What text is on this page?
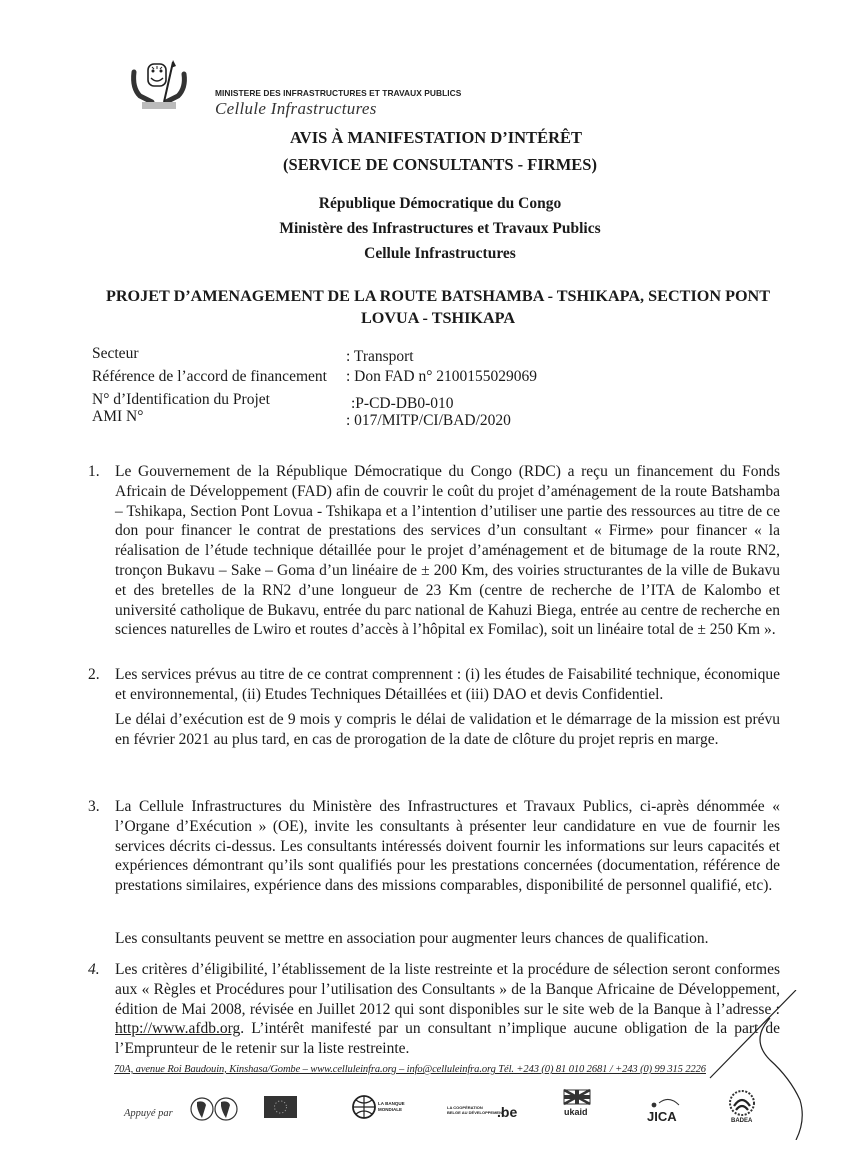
MINISTERE DES INFRASTRUCTURES ET TRAVAUX PUBLICS
Cellule Infrastructures
AVIS À MANIFESTATION D’INTÉRÊT
(SERVICE DE CONSULTANTS - FIRMES)
République Démocratique du Congo
Ministère des Infrastructures et Travaux Publics
Cellule Infrastructures
PROJET D’AMENAGEMENT DE LA ROUTE BATSHAMBA - TSHIKAPA, SECTION PONT LOVUA - TSHIKAPA
Secteur	: Transport
Référence de l’accord de financement : Don FAD n° 2100155029069
N° d’Identification du Projet	:P-CD-DB0-010
AMI N°	: 017/MITP/CI/BAD/2020
1. Le Gouvernement de la République Démocratique du Congo (RDC) a reçu un financement du Fonds Africain de Développement (FAD) afin de couvrir le coût du projet d’aménagement de la route Batshamba – Tshikapa, Section Pont Lovua - Tshikapa et a l’intention d’utiliser une partie des ressources au titre de ce don pour financer le contrat de prestations des services d’un consultant « Firme» pour financer « la réalisation de l’étude technique détaillée pour le projet d’aménagement et de bitumage de la route RN2, tronçon Bukavu – Sake – Goma d’un linéaire de ± 200 Km, des voiries structurantes de la ville de Bukavu et des bretelles de la RN2 d’une longueur de 23 Km (centre de recherche de l’ITA de Kalombo et université catholique de Bukavu, entrée du parc national de Kahuzi Biega, entrée au centre de recherche en sciences naturelles de Lwiro et routes d’accès à l’hôpital ex Fomilac), soit un linéaire total de ± 250 Km ».
2. Les services prévus au titre de ce contrat comprennent : (i) les études de Faisabilité technique, économique et environnemental, (ii) Etudes Techniques Détaillées et (iii) DAO et devis Confidentiel.
Le délai d’exécution est de 9 mois y compris le délai de validation et le démarrage de la mission est prévu en février 2021 au plus tard, en cas de prorogation de la date de clôture du projet repris en marge.
3. La Cellule Infrastructures du Ministère des Infrastructures et Travaux Publics, ci-après dénommée « l’Organe d’Exécution » (OE), invite les consultants à présenter leur candidature en vue de fournir les services décrits ci-dessus. Les consultants intéressés doivent fournir les informations sur leurs capacités et expériences démontrant qu’ils sont qualifiés pour les prestations concernées (documentation, référence de prestations similaires, expérience dans des missions comparables, disponibilité de personnel qualifié, etc).
Les consultants peuvent se mettre en association pour augmenter leurs chances de qualification.
4. Les critères d’éligibilité, l’établissement de la liste restreinte et la procédure de sélection seront conformes aux « Règles et Procédures pour l’utilisation des Consultants » de la Banque Africaine de Développement, édition de Mai 2008, révisée en Juillet 2012 qui sont disponibles sur le site web de la Banque à l’adresse : http://www.afdb.org. L’intérêt manifesté par un consultant n’implique aucune obligation de la part de l’Emprunteur de le retenir sur la liste restreinte.
70A, avenue Roi Baudouin, Kinshasa/Gombe – www.celluleinfra.org – info@celluleinfra.org Tél. +243 (0) 81 010 2681 / +243 (0) 99 315 2226
Appuyé par
LA BANQUE
MONDIALE	LA COOPÉRATION
BELGE AU DÉVELOPPEMENT
.be	ukaid	JICA	BADEA
